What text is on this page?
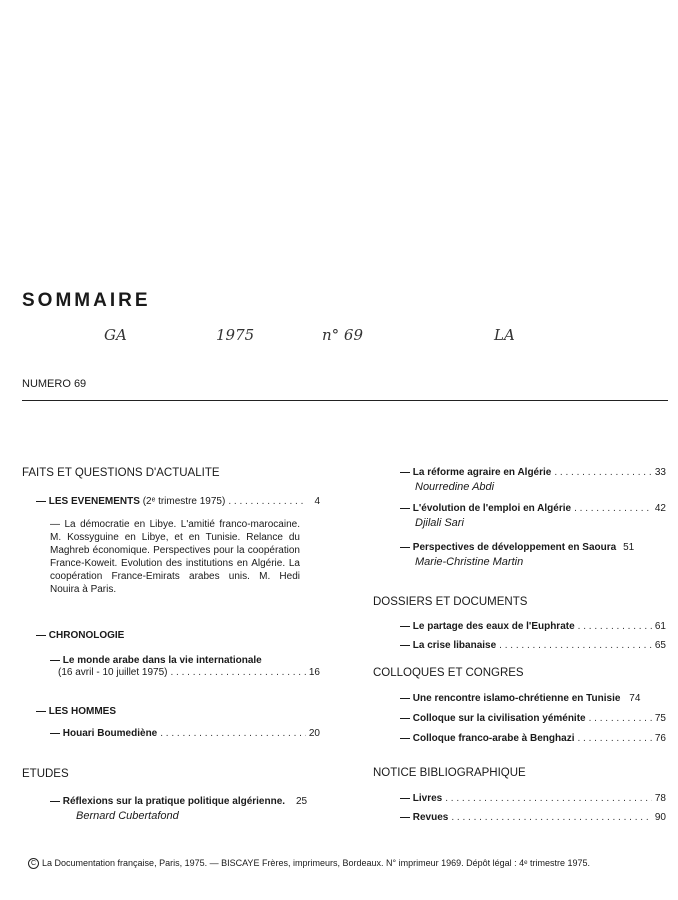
SOMMAIRE
GA	1975	n° 69	LA
NUMERO 69
FAITS ET QUESTIONS D'ACTUALITE
— LES EVENEMENTS
(2ᵉ trimestre 1975) . . .	4
— La démocratie en Libye. L'amitié franco-marocaine. M. Kossyguine en Libye, et en Tunisie. Relance du Maghreb économique. Perspectives pour la coopération France-Koweit. Evolution des institutions en Algérie. La coopération France-Emirats arabes unis. M. Hedi Nouira à Paris.
— CHRONOLOGIE
— Le monde arabe dans la vie internationale
(16 avril - 10 juillet 1975) . . .	16
— LES HOMMES
— Houari Boumediène . . .	20
ETUDES
— Réflexions sur la pratique politique algérienne. 25
Bernard Cubertafond
— La réforme agraire en Algérie . . .	33
Nourredine Abdi
— L'évolution de l'emploi en Algérie . . .	42
Djilali Sari
— Perspectives de développement en Saoura 51
Marie-Christine Martin
DOSSIERS ET DOCUMENTS
— Le partage des eaux de l'Euphrate . . .	61
— La crise libanaise . . .	65
COLLOQUES ET CONGRES
— Une rencontre islamo-chrétienne en Tunisie 74
— Colloque sur la civilisation yéménite . . .	75
— Colloque franco-arabe à Benghazi . . .	76
NOTICE BIBLIOGRAPHIQUE
— Livres . . .	78
— Revues . . .	90
C La Documentation française, Paris, 1975. — BISCAYE Frères, imprimeurs, Bordeaux. N° imprimeur 1969. Dépôt légal : 4ᵉ trimestre 1975.
